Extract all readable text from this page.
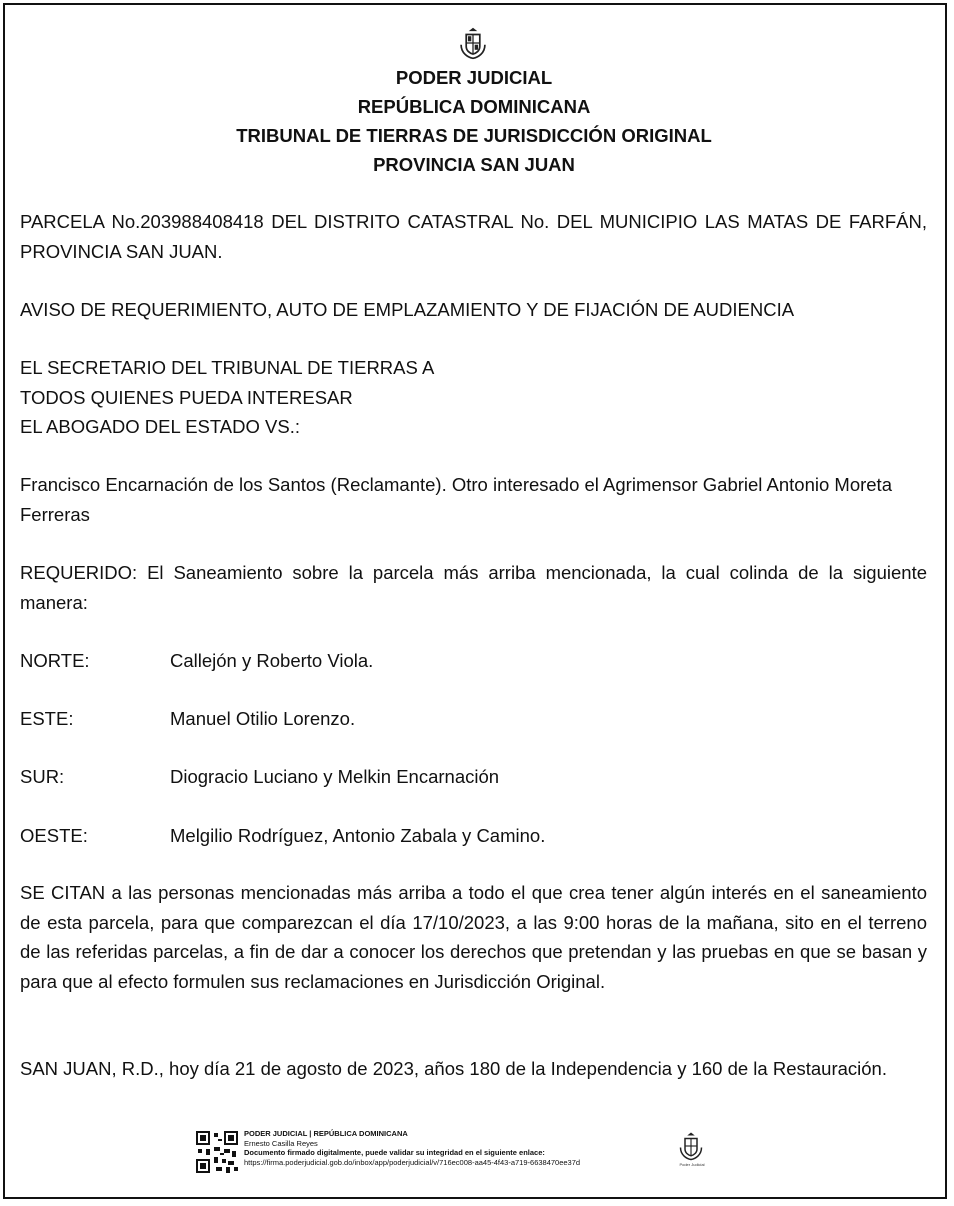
PODER JUDICIAL
REPÚBLICA DOMINICANA
TRIBUNAL DE TIERRAS DE JURISDICCIÓN ORIGINAL
PROVINCIA SAN JUAN

PARCELA No.203988408418 DEL DISTRITO CATASTRAL No. DEL MUNICIPIO LAS MATAS DE FARFÁN, PROVINCIA SAN JUAN.

AVISO DE REQUERIMIENTO, AUTO DE EMPLAZAMIENTO Y DE FIJACIÓN DE AUDIENCIA

EL SECRETARIO DEL TRIBUNAL DE TIERRAS A
TODOS QUIENES PUEDA INTERESAR
EL ABOGADO DEL ESTADO VS.:

Francisco Encarnación de los Santos (Reclamante). Otro interesado el Agrimensor Gabriel Antonio Moreta Ferreras

REQUERIDO: El Saneamiento sobre la parcela más arriba mencionada, la cual colinda de la siguiente manera:

NORTE:	Callejón y Roberto Viola.
ESTE:	Manuel Otilio Lorenzo.
SUR:	Diogracio Luciano y Melkin Encarnación
OESTE:	Melgilio Rodríguez, Antonio Zabala y Camino.

SE CITAN a las personas mencionadas más arriba a todo el que crea tener algún interés en el saneamiento de esta parcela, para que comparezcan el día 17/10/2023, a las 9:00 horas de la mañana, sito en el terreno de las referidas parcelas, a fin de dar a conocer los derechos que pretendan y las pruebas en que se basan y para que al efecto formulen sus reclamaciones en Jurisdicción Original.

SAN JUAN, R.D., hoy día 21 de agosto de 2023, años 180 de la Independencia y 160 de la Restauración.

PODER JUDICIAL | REPÚBLICA DOMINICANA
Ernesto Casilla Reyes
Documento firmado digitalmente, puede validar su integridad en el siguiente enlace:
https://firma.poderjudicial.gob.do/inbox/app/poderjudicial/v/716ec008-aa45-4f43-a719-6638470ee37d	Poder Judicial
